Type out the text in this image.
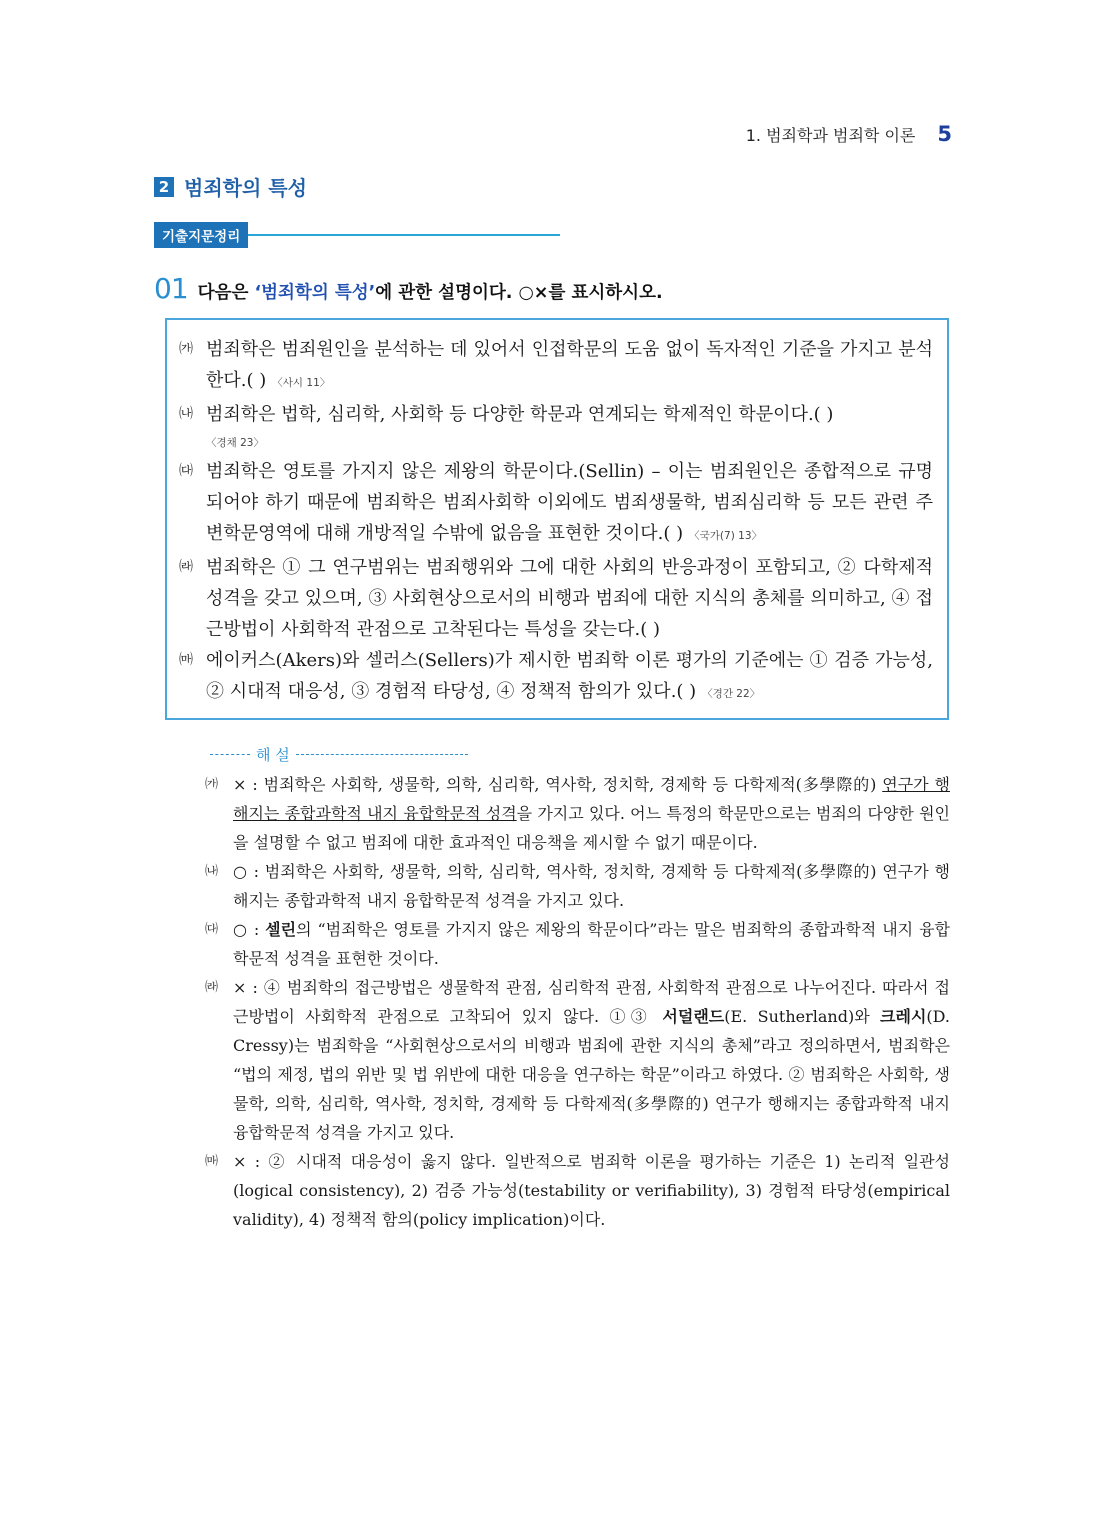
1. 범죄학과 범죄학 이론 5
2 범죄학의 특성
기출지문정리
01 다음은 ‘범죄학의 특성’에 관한 설명이다. ○×를 표시하시오.
㈎ 범죄학은 범죄원인을 분석하는 데 있어서 인접학문의 도움 없이 독자적인 기준을 가지고 분석한다.( ) 〈사시 11〉
㈏ 범죄학은 법학, 심리학, 사회학 등 다양한 학문과 연계되는 학제적인 학문이다.( )
〈경채 23〉
㈐ 범죄학은 영토를 가지지 않은 제왕의 학문이다.(Sellin) – 이는 범죄원인은 종합적으로 규명되어야 하기 때문에 범죄학은 범죄사회학 이외에도 범죄생물학, 범죄심리학 등 모든 관련 주변학문영역에 대해 개방적일 수밖에 없음을 표현한 것이다.( ) 〈국가(7) 13〉
㈑ 범죄학은 ① 그 연구범위는 범죄행위와 그에 대한 사회의 반응과정이 포함되고, ② 다학제적 성격을 갖고 있으며, ③ 사회현상으로서의 비행과 범죄에 대한 지식의 총체를 의미하고, ④ 접근방법이 사회학적 관점으로 고착된다는 특성을 갖는다.( )
㈒ 에이커스(Akers)와 셀러스(Sellers)가 제시한 범죄학 이론 평가의 기준에는 ① 검증 가능성, ② 시대적 대응성, ③ 경험적 타당성, ④ 정책적 함의가 있다.( ) 〈경간 22〉
해 설
㈎ × : 범죄학은 사회학, 생물학, 의학, 심리학, 역사학, 정치학, 경제학 등 다학제적(多學際的) 연구가 행해지는 종합과학적 내지 융합학문적 성격을 가지고 있다. 어느 특정의 학문만으로는 범죄의 다양한 원인을 설명할 수 없고 범죄에 대한 효과적인 대응책을 제시할 수 없기 때문이다.
㈏ ○ : 범죄학은 사회학, 생물학, 의학, 심리학, 역사학, 정치학, 경제학 등 다학제적(多學際的) 연구가 행해지는 종합과학적 내지 융합학문적 성격을 가지고 있다.
㈐ ○ : 셀린의 “범죄학은 영토를 가지지 않은 제왕의 학문이다”라는 말은 범죄학의 종합과학적 내지 융합학문적 성격을 표현한 것이다.
㈑ × : ④ 범죄학의 접근방법은 생물학적 관점, 심리학적 관점, 사회학적 관점으로 나누어진다. 따라서 접근방법이 사회학적 관점으로 고착되어 있지 않다. ①③ 서덜랜드(E. Sutherland)와 크레시(D. Cressy)는 범죄학을 “사회현상으로서의 비행과 범죄에 관한 지식의 총체”라고 정의하면서, 범죄학은 “법의 제정, 법의 위반 및 법 위반에 대한 대응을 연구하는 학문”이라고 하였다. ② 범죄학은 사회학, 생물학, 의학, 심리학, 역사학, 정치학, 경제학 등 다학제적(多學際的) 연구가 행해지는 종합과학적 내지 융합학문적 성격을 가지고 있다.
㈒ × : ② 시대적 대응성이 옳지 않다. 일반적으로 범죄학 이론을 평가하는 기준은 1) 논리적 일관성(logical consistency), 2) 검증 가능성(testability or verifiability), 3) 경험적 타당성(empirical validity), 4) 정책적 함의(policy implication)이다.
